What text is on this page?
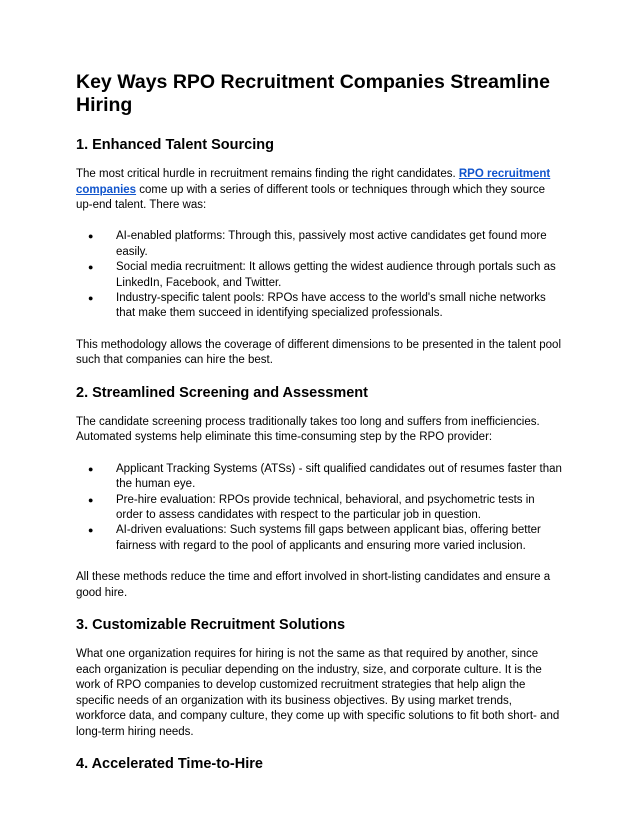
Key Ways RPO Recruitment Companies Streamline Hiring
1. Enhanced Talent Sourcing

The most critical hurdle in recruitment remains finding the right candidates. RPO recruitment companies come up with a series of different tools or techniques through which they source up-end talent. There was:

● AI-enabled platforms: Through this, passively most active candidates get found more easily.
● Social media recruitment: It allows getting the widest audience through portals such as LinkedIn, Facebook, and Twitter.
● Industry-specific talent pools: RPOs have access to the world's small niche networks that make them succeed in identifying specialized professionals.

This methodology allows the coverage of different dimensions to be presented in the talent pool such that companies can hire the best.

2. Streamlined Screening and Assessment

The candidate screening process traditionally takes too long and suffers from inefficiencies. Automated systems help eliminate this time-consuming step by the RPO provider:

● Applicant Tracking Systems (ATSs) - sift qualified candidates out of resumes faster than the human eye.
● Pre-hire evaluation: RPOs provide technical, behavioral, and psychometric tests in order to assess candidates with respect to the particular job in question.
● AI-driven evaluations: Such systems fill gaps between applicant bias, offering better fairness with regard to the pool of applicants and ensuring more varied inclusion.

All these methods reduce the time and effort involved in short-listing candidates and ensure a good hire.

3. Customizable Recruitment Solutions

What one organization requires for hiring is not the same as that required by another, since each organization is peculiar depending on the industry, size, and corporate culture. It is the work of RPO companies to develop customized recruitment strategies that help align the specific needs of an organization with its business objectives. By using market trends, workforce data, and company culture, they come up with specific solutions to fit both short- and long-term hiring needs.

4. Accelerated Time-to-Hire
